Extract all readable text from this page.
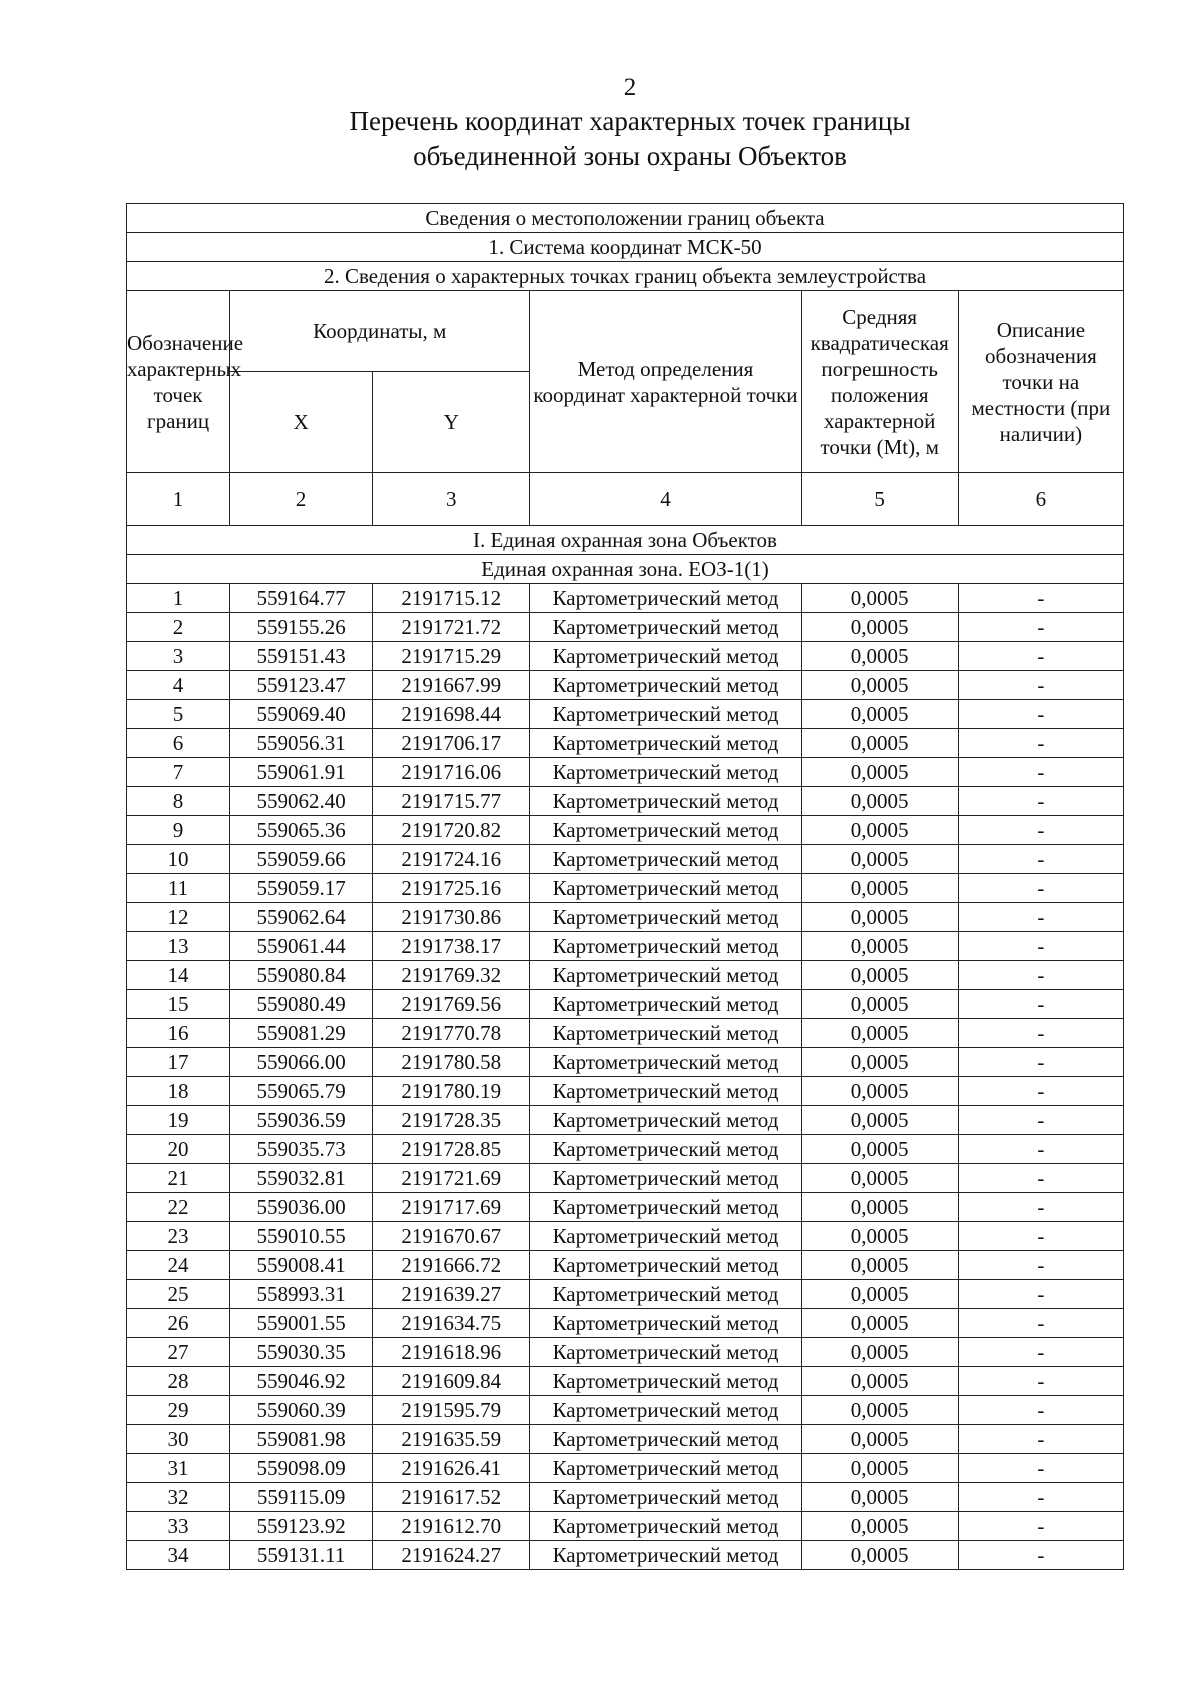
2
Перечень координат характерных точек границы
объединенной зоны охраны Объектов
Сведения о местоположении границ объекта					
1. Система координат МСК-50					
2. Сведения о характерных точках границ объекта землеустройства					
Обозначение характерных точек границ	Координаты, м		Метод определения координат характерной точки	Средняя квадратическая погрешность положения характерной точки (Mt), м	Описание обозначения точки на местности (при наличии)
	X	Y			
1	2	3	4	5	6
I. Единая охранная зона Объектов					
Единая охранная зона. ЕОЗ-1(1)					
1	559164.77	2191715.12	Картометрический метод	0,0005	-
2	559155.26	2191721.72	Картометрический метод	0,0005	-
3	559151.43	2191715.29	Картометрический метод	0,0005	-
4	559123.47	2191667.99	Картометрический метод	0,0005	-
5	559069.40	2191698.44	Картометрический метод	0,0005	-
6	559056.31	2191706.17	Картометрический метод	0,0005	-
7	559061.91	2191716.06	Картометрический метод	0,0005	-
8	559062.40	2191715.77	Картометрический метод	0,0005	-
9	559065.36	2191720.82	Картометрический метод	0,0005	-
10	559059.66	2191724.16	Картометрический метод	0,0005	-
11	559059.17	2191725.16	Картометрический метод	0,0005	-
12	559062.64	2191730.86	Картометрический метод	0,0005	-
13	559061.44	2191738.17	Картометрический метод	0,0005	-
14	559080.84	2191769.32	Картометрический метод	0,0005	-
15	559080.49	2191769.56	Картометрический метод	0,0005	-
16	559081.29	2191770.78	Картометрический метод	0,0005	-
17	559066.00	2191780.58	Картометрический метод	0,0005	-
18	559065.79	2191780.19	Картометрический метод	0,0005	-
19	559036.59	2191728.35	Картометрический метод	0,0005	-
20	559035.73	2191728.85	Картометрический метод	0,0005	-
21	559032.81	2191721.69	Картометрический метод	0,0005	-
22	559036.00	2191717.69	Картометрический метод	0,0005	-
23	559010.55	2191670.67	Картометрический метод	0,0005	-
24	559008.41	2191666.72	Картометрический метод	0,0005	-
25	558993.31	2191639.27	Картометрический метод	0,0005	-
26	559001.55	2191634.75	Картометрический метод	0,0005	-
27	559030.35	2191618.96	Картометрический метод	0,0005	-
28	559046.92	2191609.84	Картометрический метод	0,0005	-
29	559060.39	2191595.79	Картометрический метод	0,0005	-
30	559081.98	2191635.59	Картометрический метод	0,0005	-
31	559098.09	2191626.41	Картометрический метод	0,0005	-
32	559115.09	2191617.52	Картометрический метод	0,0005	-
33	559123.92	2191612.70	Картометрический метод	0,0005	-
34	559131.11	2191624.27	Картометрический метод	0,0005	-
